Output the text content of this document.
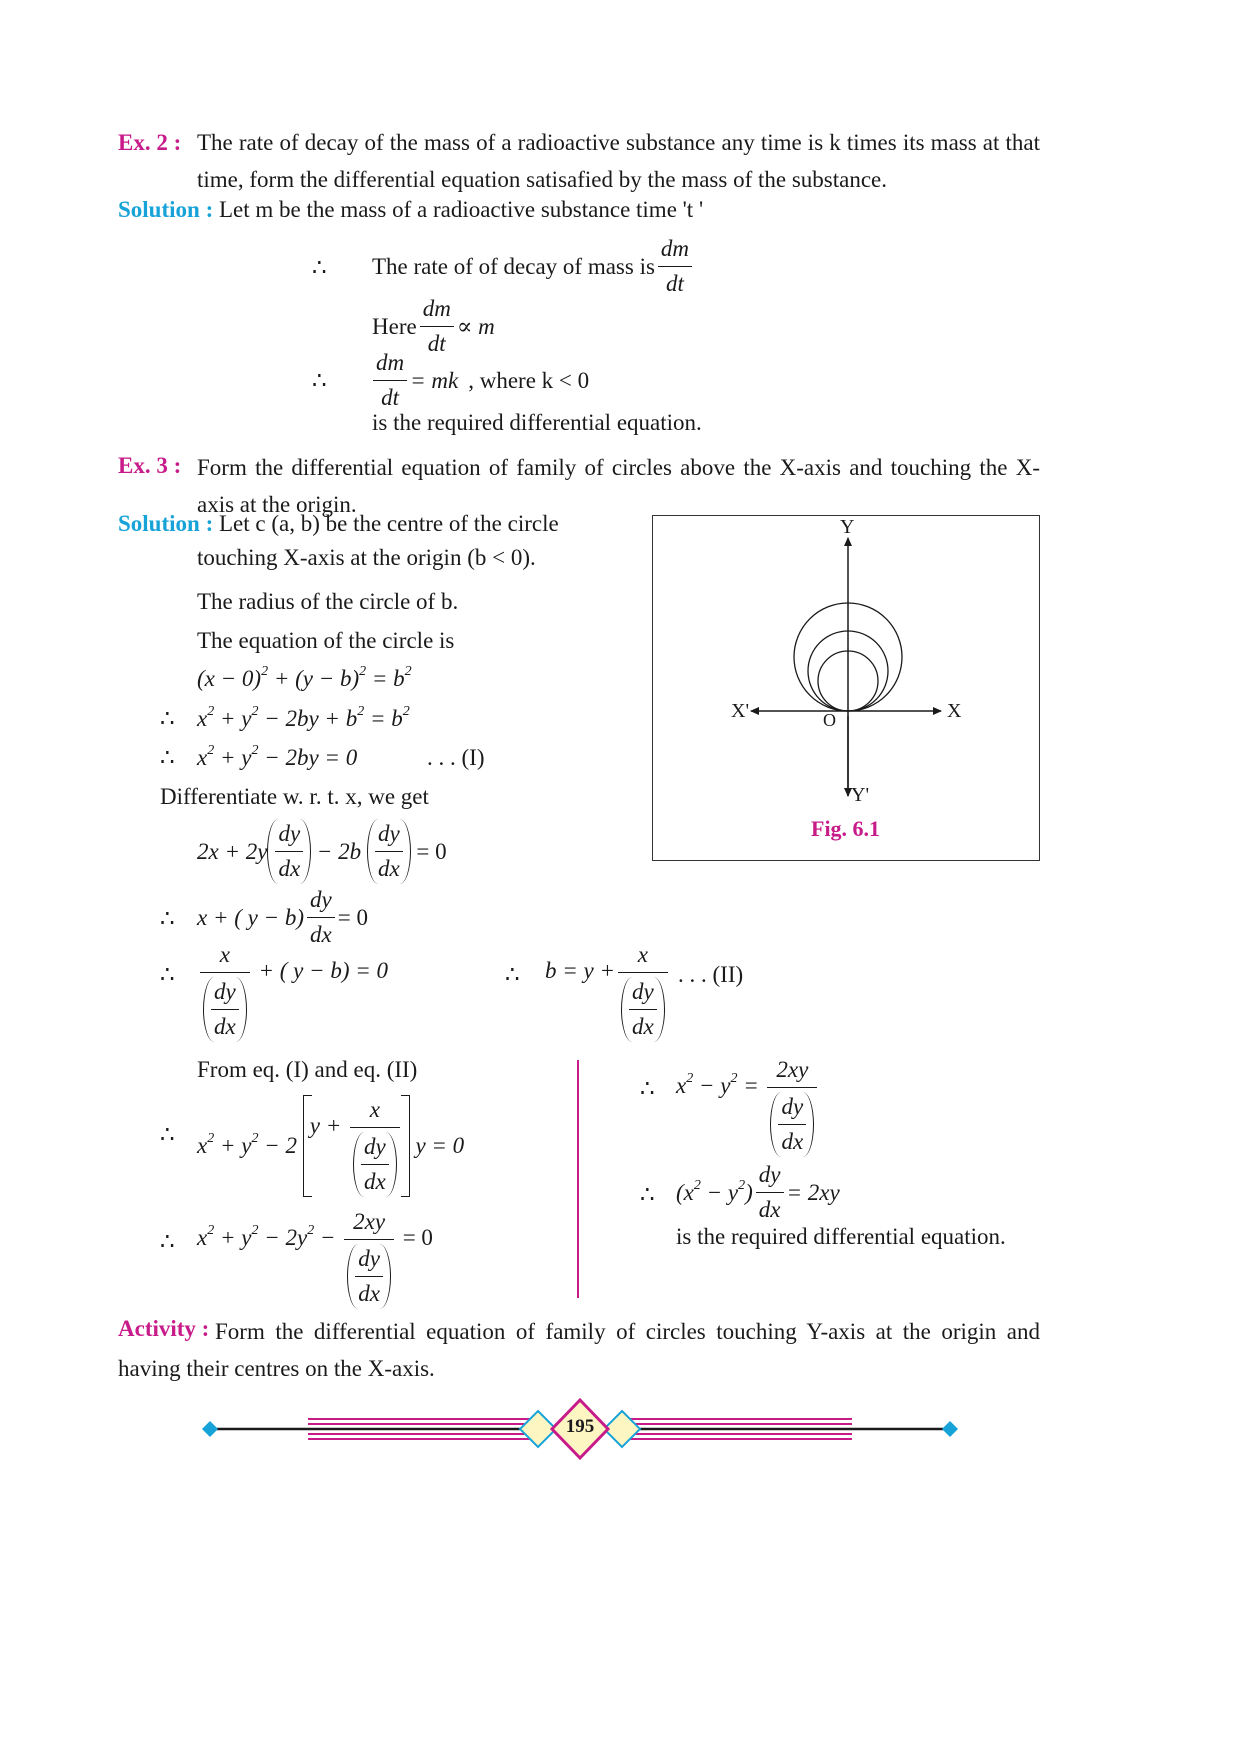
Ex. 2 : The rate of decay of the mass of a radioactive substance any time is k times its mass at that time, form the differential equation satisafied by the mass of the substance.
Solution : Let m be the mass of a radioactive substance time 't '
∴ The rate of of decay of mass is $\frac{dm}{dt}$
Here $\frac{dm}{dt} \propto m$
∴ $\frac{dm}{dt}$ = mk , where k < 0
is the required differential equation.
Ex. 3 : Form the differential equation of family of circles above the X-axis and touching the X-axis at the origin.
Solution : Let c (a, b) be the centre of the circle
touching X-axis at the origin (b < 0).
The radius of the circle of b.
The equation of the circle is
$(x - 0)^2 + (y - b)^2 = b^2$
∴ $x^2 + y^2 - 2by + b^2 = b^2$
∴ $x^2 + y^2 - 2by = 0$	. . . (I)
Differentiate w. r. t. x, we get
$2x + 2y \frac{dy}{dx} - 2b \frac{dy}{dx} = 0$
∴ x + ( $y - b) \frac{dy}{dx} = 0$
∴ $\frac{x}{\frac{dy}{dx}}$ + ( y − b) = 0	∴ $b = y + \frac{x}{\frac{dy}{dx}}$ . . . (II)
From eq. (I) and eq. (II)
∴ $x^2 + y^2 - 2$
$y + \frac{x}{\frac{dy}{dx}}$ y = 0
∴ $x^2 + y^2 - 2y^2 - \frac{2xy}{\frac{dy}{dx}} = 0$
∴ $x^2 - y^2 = \frac{2xy}{\frac{dy}{dx}}$
∴ $(x^2 - y^2) \frac{dy}{dx} = 2xy$
is the required differential equation.
Y
Y'
X
X'	O
Fig. 6.1
Activity : Form the differential equation of family of circles touching Y-axis at the origin and having their centres on the X-axis.
195
